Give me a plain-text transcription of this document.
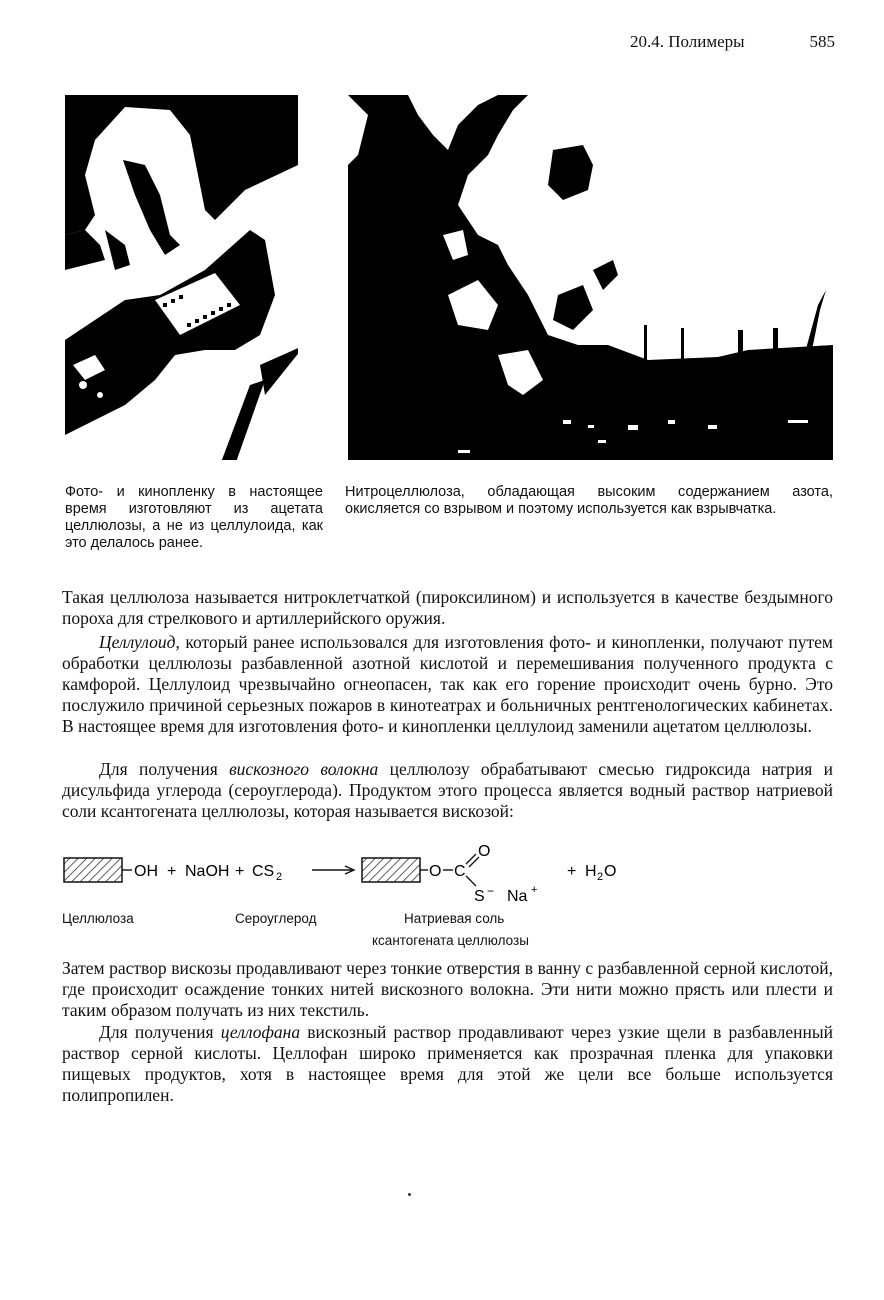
20.4. Полимеры	585
Фото- и кинопленку в настоящее время изготовляют из ацетата целлюлозы, а не из целлулоида, как это делалось ранее.
Нитроцеллюлоза, обладающая высоким содержанием азота, окисляется со взрывом и поэтому используется как взрывчатка.

Такая целлюлоза называется нитроклетчаткой (пироксилином) и используется в качестве бездымного пороха для стрелкового и артиллерийского оружия.

Целлулоид, который ранее использовался для изготовления фото- и кинопленки, получают путем обработки целлюлозы разбавленной азотной кислотой и перемешивания полученного продукта с камфорой. Целлулоид чрезвычайно огнеопасен, так как его горение происходит очень бурно. Это послужило причиной серьезных пожаров в кинотеатрах и больничных рентгенологических кабинетах. В настоящее время для изготовления фото- и кинопленки целлулоид заменили ацетатом целлюлозы.

Для получения вискозного волокна целлюлозу обрабатывают смесью гидроксида натрия и дисульфида углерода (сероуглерода). Продуктом этого процесса является водный раствор натриевой соли ксантогената целлюлозы, которая называется вискозой:

OH + NaOH + CS 2	O C
O
S − Na +
+ H 2 O
Целлюлоза	Сероуглерод	Натриевая соль
ксантогената целлюлозы

Затем раствор вискозы продавливают через тонкие отверстия в ванну с разбавленной серной кислотой, где происходит осаждение тонких нитей вискозного волокна. Эти нити можно прясть или плести и таким образом получать из них текстиль.

Для получения целлофана вискозный раствор продавливают через узкие щели в разбавленный раствор серной кислоты. Целлофан широко применяется как прозрачная пленка для упаковки пищевых продуктов, хотя в настоящее время для этой же цели все больше используется полипропилен.
